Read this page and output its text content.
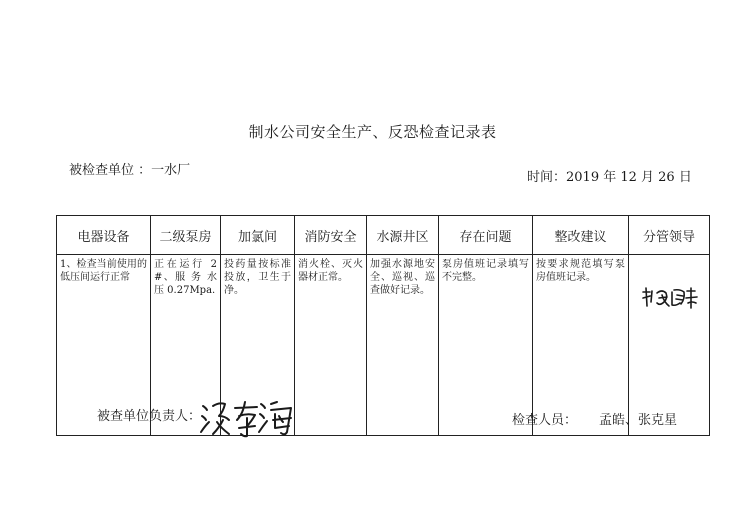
制水公司安全生产、反恐检查记录表
被检查单位 ：一水厂	时间：2019 年 12 月 26 日
电器设备	二级泵房	加氯间	消防安全	水源井区	存在问题	整改建议	分管领导
1、检查当前使用的低压间运行正常	正在运行 2#、服 务 水 压 0.27Mpa.	投药量按标准投放，卫生于净。	消火栓、灭火器材正常。	加强水源地安全、巡视、巡查做好记录。	泵房值班记录填写不完整。	按要求规范填写泵房值班记录。	
被查单位负责人：	检查人员： 孟皓、张克星
